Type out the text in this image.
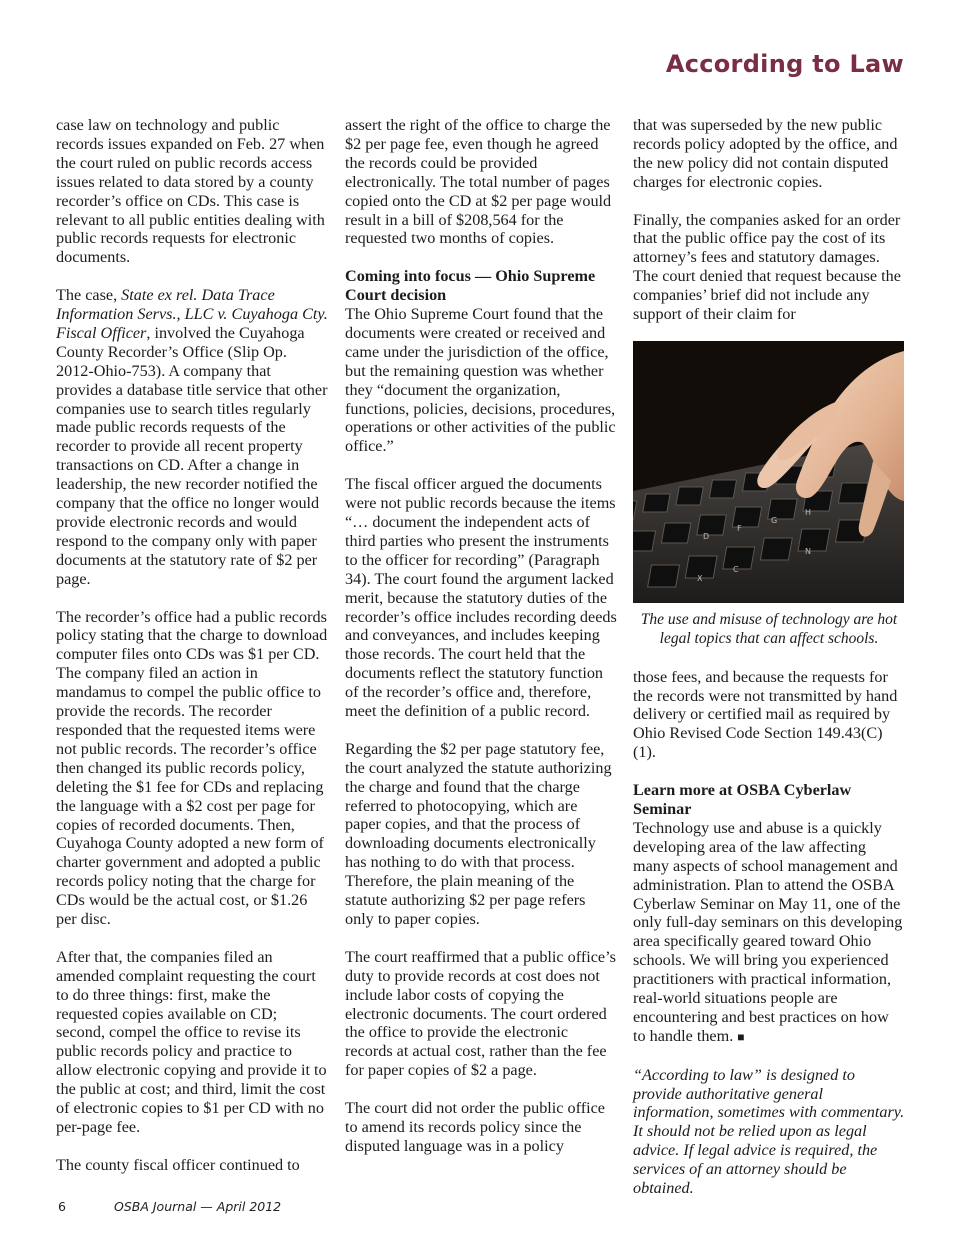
According to Law

case law on technology and public records issues expanded on Feb. 27 when the court ruled on public records access issues related to data stored by a county recorder’s office on CDs. This case is relevant to all public entities dealing with public records requests for electronic documents.

The case, State ex rel. Data Trace Information Servs., LLC v. Cuyahoga Cty. Fiscal Officer, involved the Cuyahoga County Recorder’s Office (Slip Op. 2012-Ohio-753). A company that provides a database title service that other companies use to search titles regularly made public records requests of the recorder to provide all recent property transactions on CD. After a change in leadership, the new recorder notified the company that the office no longer would provide electronic records and would respond to the company only with paper documents at the statutory rate of $2 per page.

The recorder’s office had a public records policy stating that the charge to download computer files onto CDs was $1 per CD. The company filed an action in mandamus to compel the public office to provide the records. The recorder responded that the requested items were not public records. The recorder’s office then changed its public records policy, deleting the $1 fee for CDs and replacing the language with a $2 cost per page for copies of recorded documents. Then, Cuyahoga County adopted a new form of charter government and adopted a public records policy noting that the charge for CDs would be the actual cost, or $1.26 per disc.

After that, the companies filed an amended complaint requesting the court to do three things: first, make the requested copies available on CD; second, compel the office to revise its public records policy and practice to allow electronic copying and provide it to the public at cost; and third, limit the cost of electronic copies to $1 per CD with no per-page fee.

The county fiscal officer continued to

assert the right of the office to charge the $2 per page fee, even though he agreed the records could be provided electronically. The total number of pages copied onto the CD at $2 per page would result in a bill of $208,564 for the requested two months of copies.

Coming into focus — Ohio Supreme Court decision

The Ohio Supreme Court found that the documents were created or received and came under the jurisdiction of the office, but the remaining question was whether they “document the organization, functions, policies, decisions, procedures, operations or other activities of the public office.”

The fiscal officer argued the documents were not public records because the items “… document the independent acts of third parties who present the instruments to the officer for recording” (Paragraph 34). The court found the argument lacked merit, because the statutory duties of the recorder’s office includes recording deeds and conveyances, and includes keeping those records. The court held that the documents reflect the statutory function of the recorder’s office and, therefore, meet the definition of a public record.

Regarding the $2 per page statutory fee, the court analyzed the statute authorizing the charge and found that the charge referred to photocopying, which are paper copies, and that the process of downloading documents electronically has nothing to do with that process. Therefore, the plain meaning of the statute authorizing $2 per page refers only to paper copies.

The court reaffirmed that a public office’s duty to provide records at cost does not include labor costs of copying the electronic documents. The court ordered the office to provide the electronic records at actual cost, rather than the fee for paper copies of $2 a page.

The court did not order the public office to amend its records policy since the disputed language was in a policy

that was superseded by the new public records policy adopted by the office, and the new policy did not contain disputed charges for electronic copies.

Finally, the companies asked for an order that the public office pay the cost of its attorney’s fees and statutory damages. The court denied that request because the companies’ brief did not include any support of their claim for

D
F
G
H
X
C
N

The use and misuse of technology are hot legal topics that can affect schools.

those fees, and because the requests for the records were not transmitted by hand delivery or certified mail as required by Ohio Revised Code Section 149.43(C)(1).

Learn more at OSBA Cyberlaw Seminar

Technology use and abuse is a quickly developing area of the law affecting many aspects of school management and administration. Plan to attend the OSBA Cyberlaw Seminar on May 11, one of the only full-day seminars on this developing area specifically geared toward Ohio schools. We will bring you experienced practitioners with practical information, real-world situations people are encountering and best practices on how to handle them. ■

“According to law” is designed to provide authoritative general information, sometimes with commentary. It should not be relied upon as legal advice. If legal advice is required, the services of an attorney should be obtained.

6	OSBA Journal — April 2012
